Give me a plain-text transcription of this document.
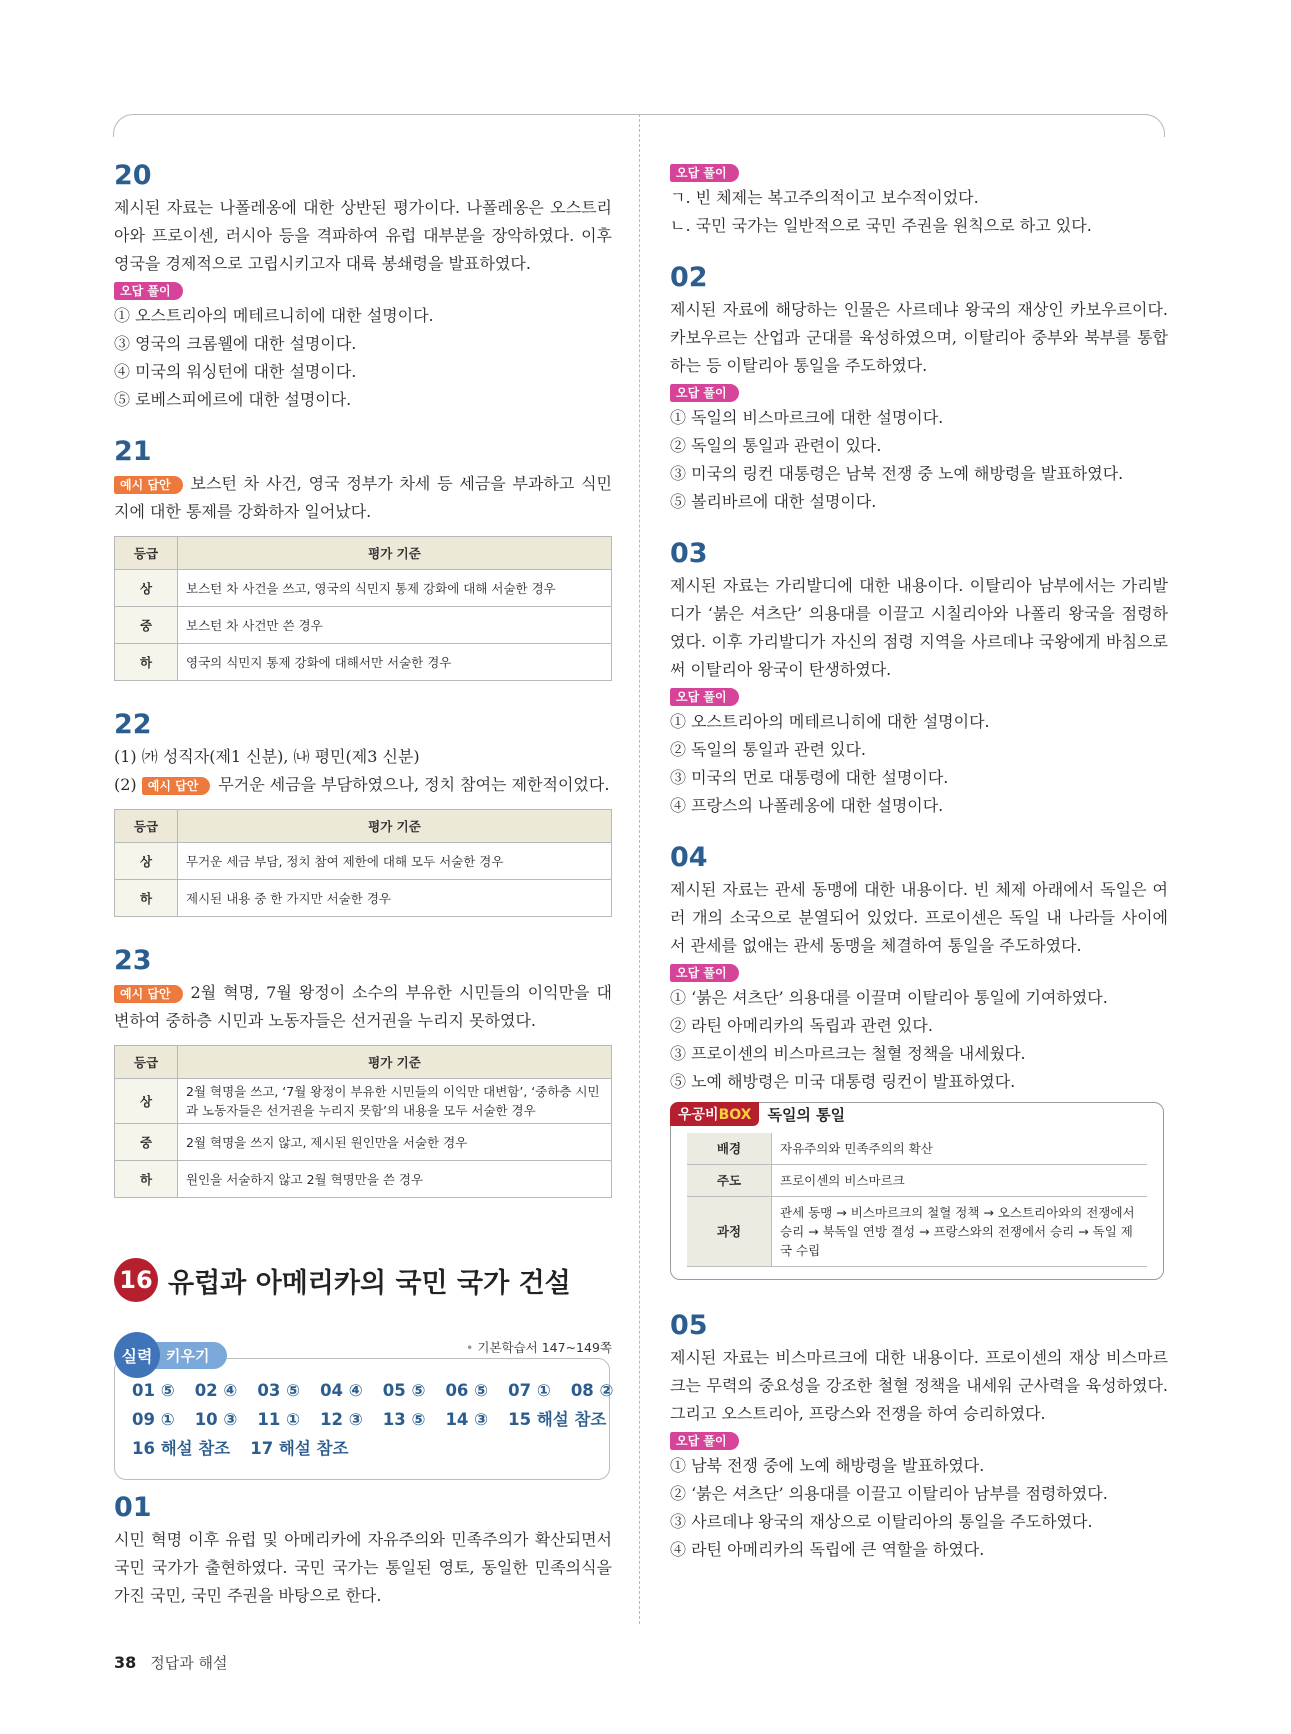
20

제시된 자료는 나폴레옹에 대한 상반된 평가이다. 나폴레옹은 오스트리아와 프로이센, 러시아 등을 격파하여 유럽 대부분을 장악하였다. 이후 영국을 경제적으로 고립시키고자 대륙 봉쇄령을 발표하였다.

오답 풀이

① 오스트리아의 메테르니히에 대한 설명이다.

③ 영국의 크롬웰에 대한 설명이다.

④ 미국의 워싱턴에 대한 설명이다.

⑤ 로베스피에르에 대한 설명이다.

21

예시 답안 보스턴 차 사건, 영국 정부가 차세 등 세금을 부과하고 식민지에 대한 통제를 강화하자 일어났다.

등급	평가 기준
상	보스턴 차 사건을 쓰고, 영국의 식민지 통제 강화에 대해 서술한 경우
중	보스턴 차 사건만 쓴 경우
하	영국의 식민지 통제 강화에 대해서만 서술한 경우

22

(1) ㈎ 성직자(제1 신분), ㈏ 평민(제3 신분)

(2) 예시 답안 무거운 세금을 부담하였으나, 정치 참여는 제한적이었다.

등급	평가 기준
상	무거운 세금 부담, 정치 참여 제한에 대해 모두 서술한 경우
하	제시된 내용 중 한 가지만 서술한 경우

23

예시 답안 2월 혁명, 7월 왕정이 소수의 부유한 시민들의 이익만을 대변하여 중하층 시민과 노동자들은 선거권을 누리지 못하였다.

등급	평가 기준
상	2월 혁명을 쓰고, ‘7월 왕정이 부유한 시민들의 이익만 대변함’, ‘중하층 시민과 노동자들은 선거권을 누리지 못함’의 내용을 모두 서술한 경우
중	2월 혁명을 쓰지 않고, 제시된 원인만을 서술한 경우
하	원인을 서술하지 않고 2월 혁명만을 쓴 경우
16 유럽과 아메리카의 국민 국가 건설
실력 키우기	• 기본학습서 147~149쪽
01 ⑤ 02 ④ 03 ⑤ 04 ④ 05 ⑤ 06 ⑤ 07 ① 08 ②
09 ① 10 ③ 11 ① 12 ③ 13 ⑤ 14 ③ 15 해설 참조
16 해설 참조 17 해설 참조

01

시민 혁명 이후 유럽 및 아메리카에 자유주의와 민족주의가 확산되면서 국민 국가가 출현하였다. 국민 국가는 통일된 영토, 동일한 민족의식을 가진 국민, 국민 주권을 바탕으로 한다.

오답 풀이

ㄱ. 빈 체제는 복고주의적이고 보수적이었다.

ㄴ. 국민 국가는 일반적으로 국민 주권을 원칙으로 하고 있다.

02

제시된 자료에 해당하는 인물은 사르데냐 왕국의 재상인 카보우르이다. 카보우르는 산업과 군대를 육성하였으며, 이탈리아 중부와 북부를 통합하는 등 이탈리아 통일을 주도하였다.

오답 풀이

① 독일의 비스마르크에 대한 설명이다.

② 독일의 통일과 관련이 있다.

③ 미국의 링컨 대통령은 남북 전쟁 중 노예 해방령을 발표하였다.

⑤ 볼리바르에 대한 설명이다.

03

제시된 자료는 가리발디에 대한 내용이다. 이탈리아 남부에서는 가리발디가 ‘붉은 셔츠단’ 의용대를 이끌고 시칠리아와 나폴리 왕국을 점령하였다. 이후 가리발디가 자신의 점령 지역을 사르데냐 국왕에게 바침으로써 이탈리아 왕국이 탄생하였다.

오답 풀이

① 오스트리아의 메테르니히에 대한 설명이다.

② 독일의 통일과 관련 있다.

③ 미국의 먼로 대통령에 대한 설명이다.

④ 프랑스의 나폴레옹에 대한 설명이다.

04

제시된 자료는 관세 동맹에 대한 내용이다. 빈 체제 아래에서 독일은 여러 개의 소국으로 분열되어 있었다. 프로이센은 독일 내 나라들 사이에서 관세를 없애는 관세 동맹을 체결하여 통일을 주도하였다.

오답 풀이

① ‘붉은 셔츠단’ 의용대를 이끌며 이탈리아 통일에 기여하였다.

② 라틴 아메리카의 독립과 관련 있다.

③ 프로이센의 비스마르크는 철혈 정책을 내세웠다.

⑤ 노예 해방령은 미국 대통령 링컨이 발표하였다.

우공비BOX	독일의 통일
배경	자유주의와 민족주의의 확산
주도	프로이센의 비스마르크
과정	관세 동맹 → 비스마르크의 철혈 정책 → 오스트리아와의 전쟁에서 승리 → 북독일 연방 결성 → 프랑스와의 전쟁에서 승리 → 독일 제국 수립

05

제시된 자료는 비스마르크에 대한 내용이다. 프로이센의 재상 비스마르크는 무력의 중요성을 강조한 철혈 정책을 내세워 군사력을 육성하였다. 그리고 오스트리아, 프랑스와 전쟁을 하여 승리하였다.

오답 풀이

① 남북 전쟁 중에 노예 해방령을 발표하였다.

② ‘붉은 셔츠단’ 의용대를 이끌고 이탈리아 남부를 점령하였다.

③ 사르데냐 왕국의 재상으로 이탈리아의 통일을 주도하였다.

④ 라틴 아메리카의 독립에 큰 역할을 하였다.

38 정답과 해설
